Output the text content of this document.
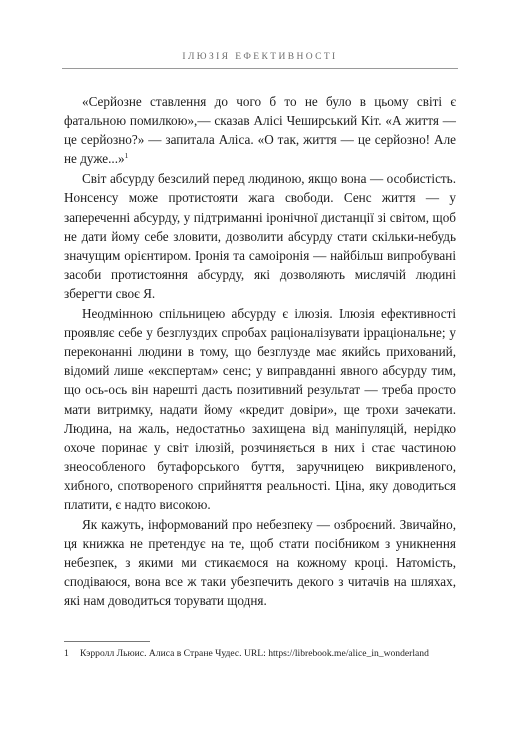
ІЛЮЗІЯ ЕФЕКТИВНОСТІ

«Серйозне ставлення до чого б то не було в цьому світі є фатальною помилкою»,— сказав Алісі Чеширський Кіт. «А життя — це серйозно?» — запитала Аліса. «О так, життя — це серйозно! Але не дуже...»$^1$

Світ абсурду безсилий перед людиною, якщо вона — особистість. Нонсенсу може протистояти жага свободи. Сенс життя — у запереченні абсурду, у підтриманні іронічної дистанції зі світом, щоб не дати йому себе зловити, дозволити абсурду стати скільки-небудь значущим орієнтиром. Іронія та самоіронія — найбільш випробувані засоби протистояння абсурду, які дозволяють мислячій людині зберегти своє Я.

Неодмінною спільницею абсурду є ілюзія. Ілюзія ефективності проявляє себе у безглуздих спробах раціоналізувати ірраціональне; у переконанні людини в тому, що безглузде має якийсь прихований, відомий лише «експертам» сенс; у виправданні явного абсурду тим, що ось-ось він нарешті дасть позитивний результат — треба просто мати витримку, надати йому «кредит довіри», ще трохи зачекати. Людина, на жаль, недостатньо захищена від маніпуляцій, нерідко охоче поринає у світ ілюзій, розчиняється в них і стає частиною знеособленого бутафорського буття, заручницею викривленого, хибного, спотвореного сприйняття реальності. Ціна, яку доводиться платити, є надто високою.

Як кажуть, інформований про небезпеку — озброєний. Звичайно, ця книжка не претендує на те, щоб стати посібником з уникнення небезпек, з якими ми стикаємося на кожному кроці. Натомість, сподіваюся, вона все ж таки убезпечить декого з читачів на шляхах, які нам доводиться торувати щодня.

1 Кэрролл Льюис. Алиса в Стране Чудес. URL: https://librebook.me/alice_in_wonderland
